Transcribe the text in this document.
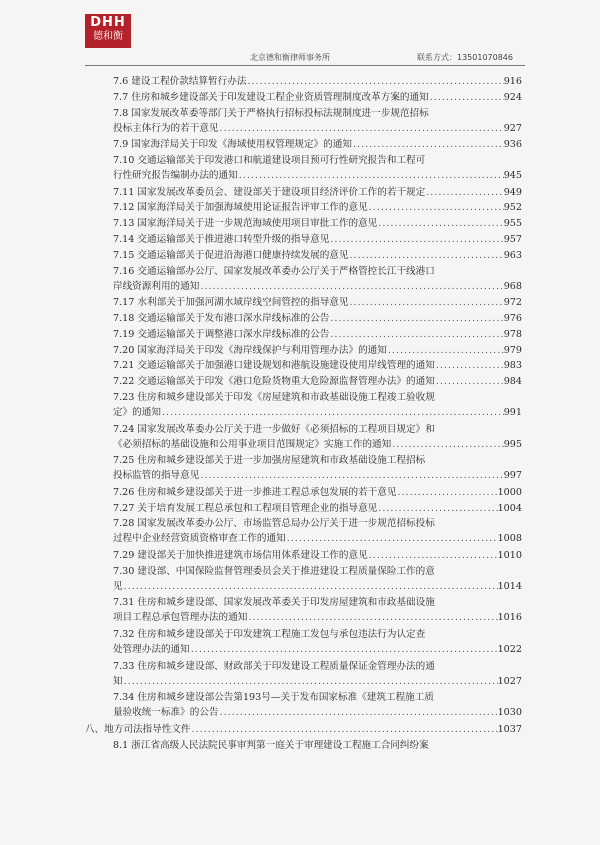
DHH
德和衡
北京德和衡律师事务所	联系方式：13501070846
7.6 建设工程价款结算暂行办法 .....	916
7.7 住房和城乡建设部关于印发建设工程企业资质管理制度改革方案的通知 .....	924
7.8 国家发展改革委等部门关于严格执行招标投标法规制度进一步规范招标
投标主体行为的若干意见 .....	927
7.9 国家海洋局关于印发《海域使用权管理规定》的通知 .....	936
7.10 交通运输部关于印发港口和航道建设项目预可行性研究报告和工程可
行性研究报告编制办法的通知 .....	945
7.11 国家发展改革委员会、建设部关于建设项目经济评价工作的若干规定 .....	949
7.12 国家海洋局关于加强海域使用论证报告评审工作的意见 .....	952
7.13 国家海洋局关于进一步规范海域使用项目审批工作的意见 .....	955
7.14 交通运输部关于推进港口转型升级的指导意见 .....	957
7.15 交通运输部关于促进沿海港口健康持续发展的意见 .....	963
7.16 交通运输部办公厅、国家发展改革委办公厅关于严格管控长江干线港口
岸线资源利用的通知 .....	968
7.17 水利部关于加强河湖水域岸线空间管控的指导意见 .....	972
7.18 交通运输部关于发布港口深水岸线标准的公告 .....	976
7.19 交通运输部关于调整港口深水岸线标准的公告 .....	978
7.20 国家海洋局关于印发《海岸线保护与利用管理办法》的通知 .....	979
7.21 交通运输部关于加强港口建设规划和港航设施建设使用岸线管理的通知 .....	983
7.22 交通运输部关于印发《港口危险货物重大危险源监督管理办法》的通知 .....	984
7.23 住房和城乡建设部关于印发《房屋建筑和市政基础设施工程竣工验收规
定》的通知 .....	991
7.24 国家发展改革委办公厅关于进一步做好《必须招标的工程项目规定》和
《必须招标的基础设施和公用事业项目范围规定》实施工作的通知 .....	995
7.25 住房和城乡建设部关于进一步加强房屋建筑和市政基础设施工程招标
投标监管的指导意见 .....	997
7.26 住房和城乡建设部关于进一步推进工程总承包发展的若干意见 .....	1000
7.27 关于培育发展工程总承包和工程项目管理企业的指导意见 .....	1004
7.28 国家发展改革委办公厅、市场监管总局办公厅关于进一步规范招标投标
过程中企业经营资质资格审查工作的通知 .....	1008
7.29 建设部关于加快推进建筑市场信用体系建设工作的意见 .....	1010
7.30 建设部、中国保险监督管理委员会关于推进建设工程质量保险工作的意
见 .....	1014
7.31 住房和城乡建设部、国家发展改革委关于印发房屋建筑和市政基础设施
项目工程总承包管理办法的通知 .....	1016
7.32 住房和城乡建设部关于印发建筑工程施工发包与承包违法行为认定查
处管理办法的通知 .....	1022
7.33 住房和城乡建设部、财政部关于印发建设工程质量保证金管理办法的通
知 .....	1027
7.34 住房和城乡建设部公告第193号—关于发布国家标准《建筑工程施工质
量验收统一标准》的公告 .....	1030
八、地方司法指导性文件 .....	1037
8.1 浙江省高级人民法院民事审判第一庭关于审理建设工程施工合同纠纷案
